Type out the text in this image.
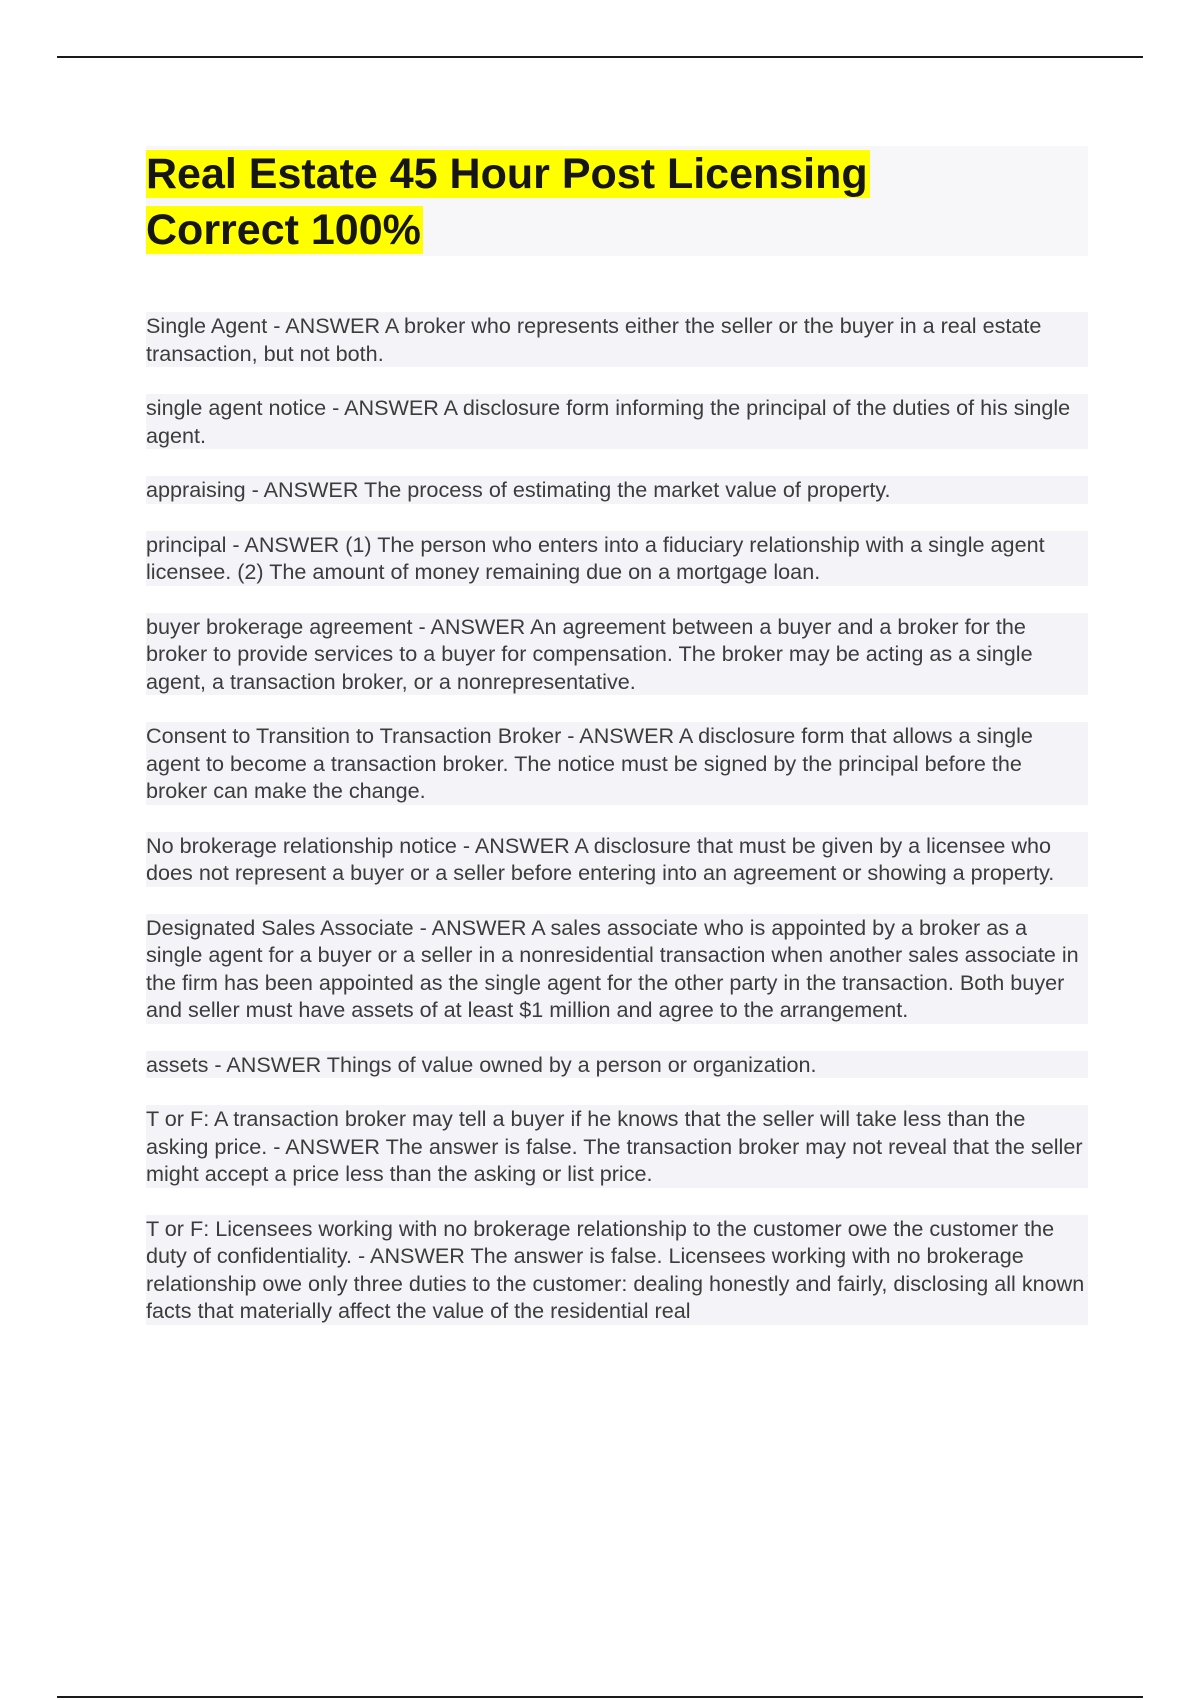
Real Estate 45 Hour Post Licensing Correct 100%
Single Agent - ANSWER A broker who represents either the seller or the buyer in a real estate transaction, but not both.
single agent notice - ANSWER A disclosure form informing the principal of the duties of his single agent.
appraising - ANSWER The process of estimating the market value of property.
principal - ANSWER (1) The person who enters into a fiduciary relationship with a single agent licensee. (2) The amount of money remaining due on a mortgage loan.
buyer brokerage agreement - ANSWER An agreement between a buyer and a broker for the broker to provide services to a buyer for compensation. The broker may be acting as a single agent, a transaction broker, or a nonrepresentative.
Consent to Transition to Transaction Broker - ANSWER A disclosure form that allows a single agent to become a transaction broker. The notice must be signed by the principal before the broker can make the change.
No brokerage relationship notice - ANSWER A disclosure that must be given by a licensee who does not represent a buyer or a seller before entering into an agreement or showing a property.
Designated Sales Associate - ANSWER A sales associate who is appointed by a broker as a single agent for a buyer or a seller in a nonresidential transaction when another sales associate in the firm has been appointed as the single agent for the other party in the transaction. Both buyer and seller must have assets of at least $1 million and agree to the arrangement.
assets - ANSWER Things of value owned by a person or organization.
T or F: A transaction broker may tell a buyer if he knows that the seller will take less than the asking price. - ANSWER The answer is false. The transaction broker may not reveal that the seller might accept a price less than the asking or list price.
T or F: Licensees working with no brokerage relationship to the customer owe the customer the duty of confidentiality. - ANSWER The answer is false. Licensees working with no brokerage relationship owe only three duties to the customer: dealing honestly and fairly, disclosing all known facts that materially affect the value of the residential real
